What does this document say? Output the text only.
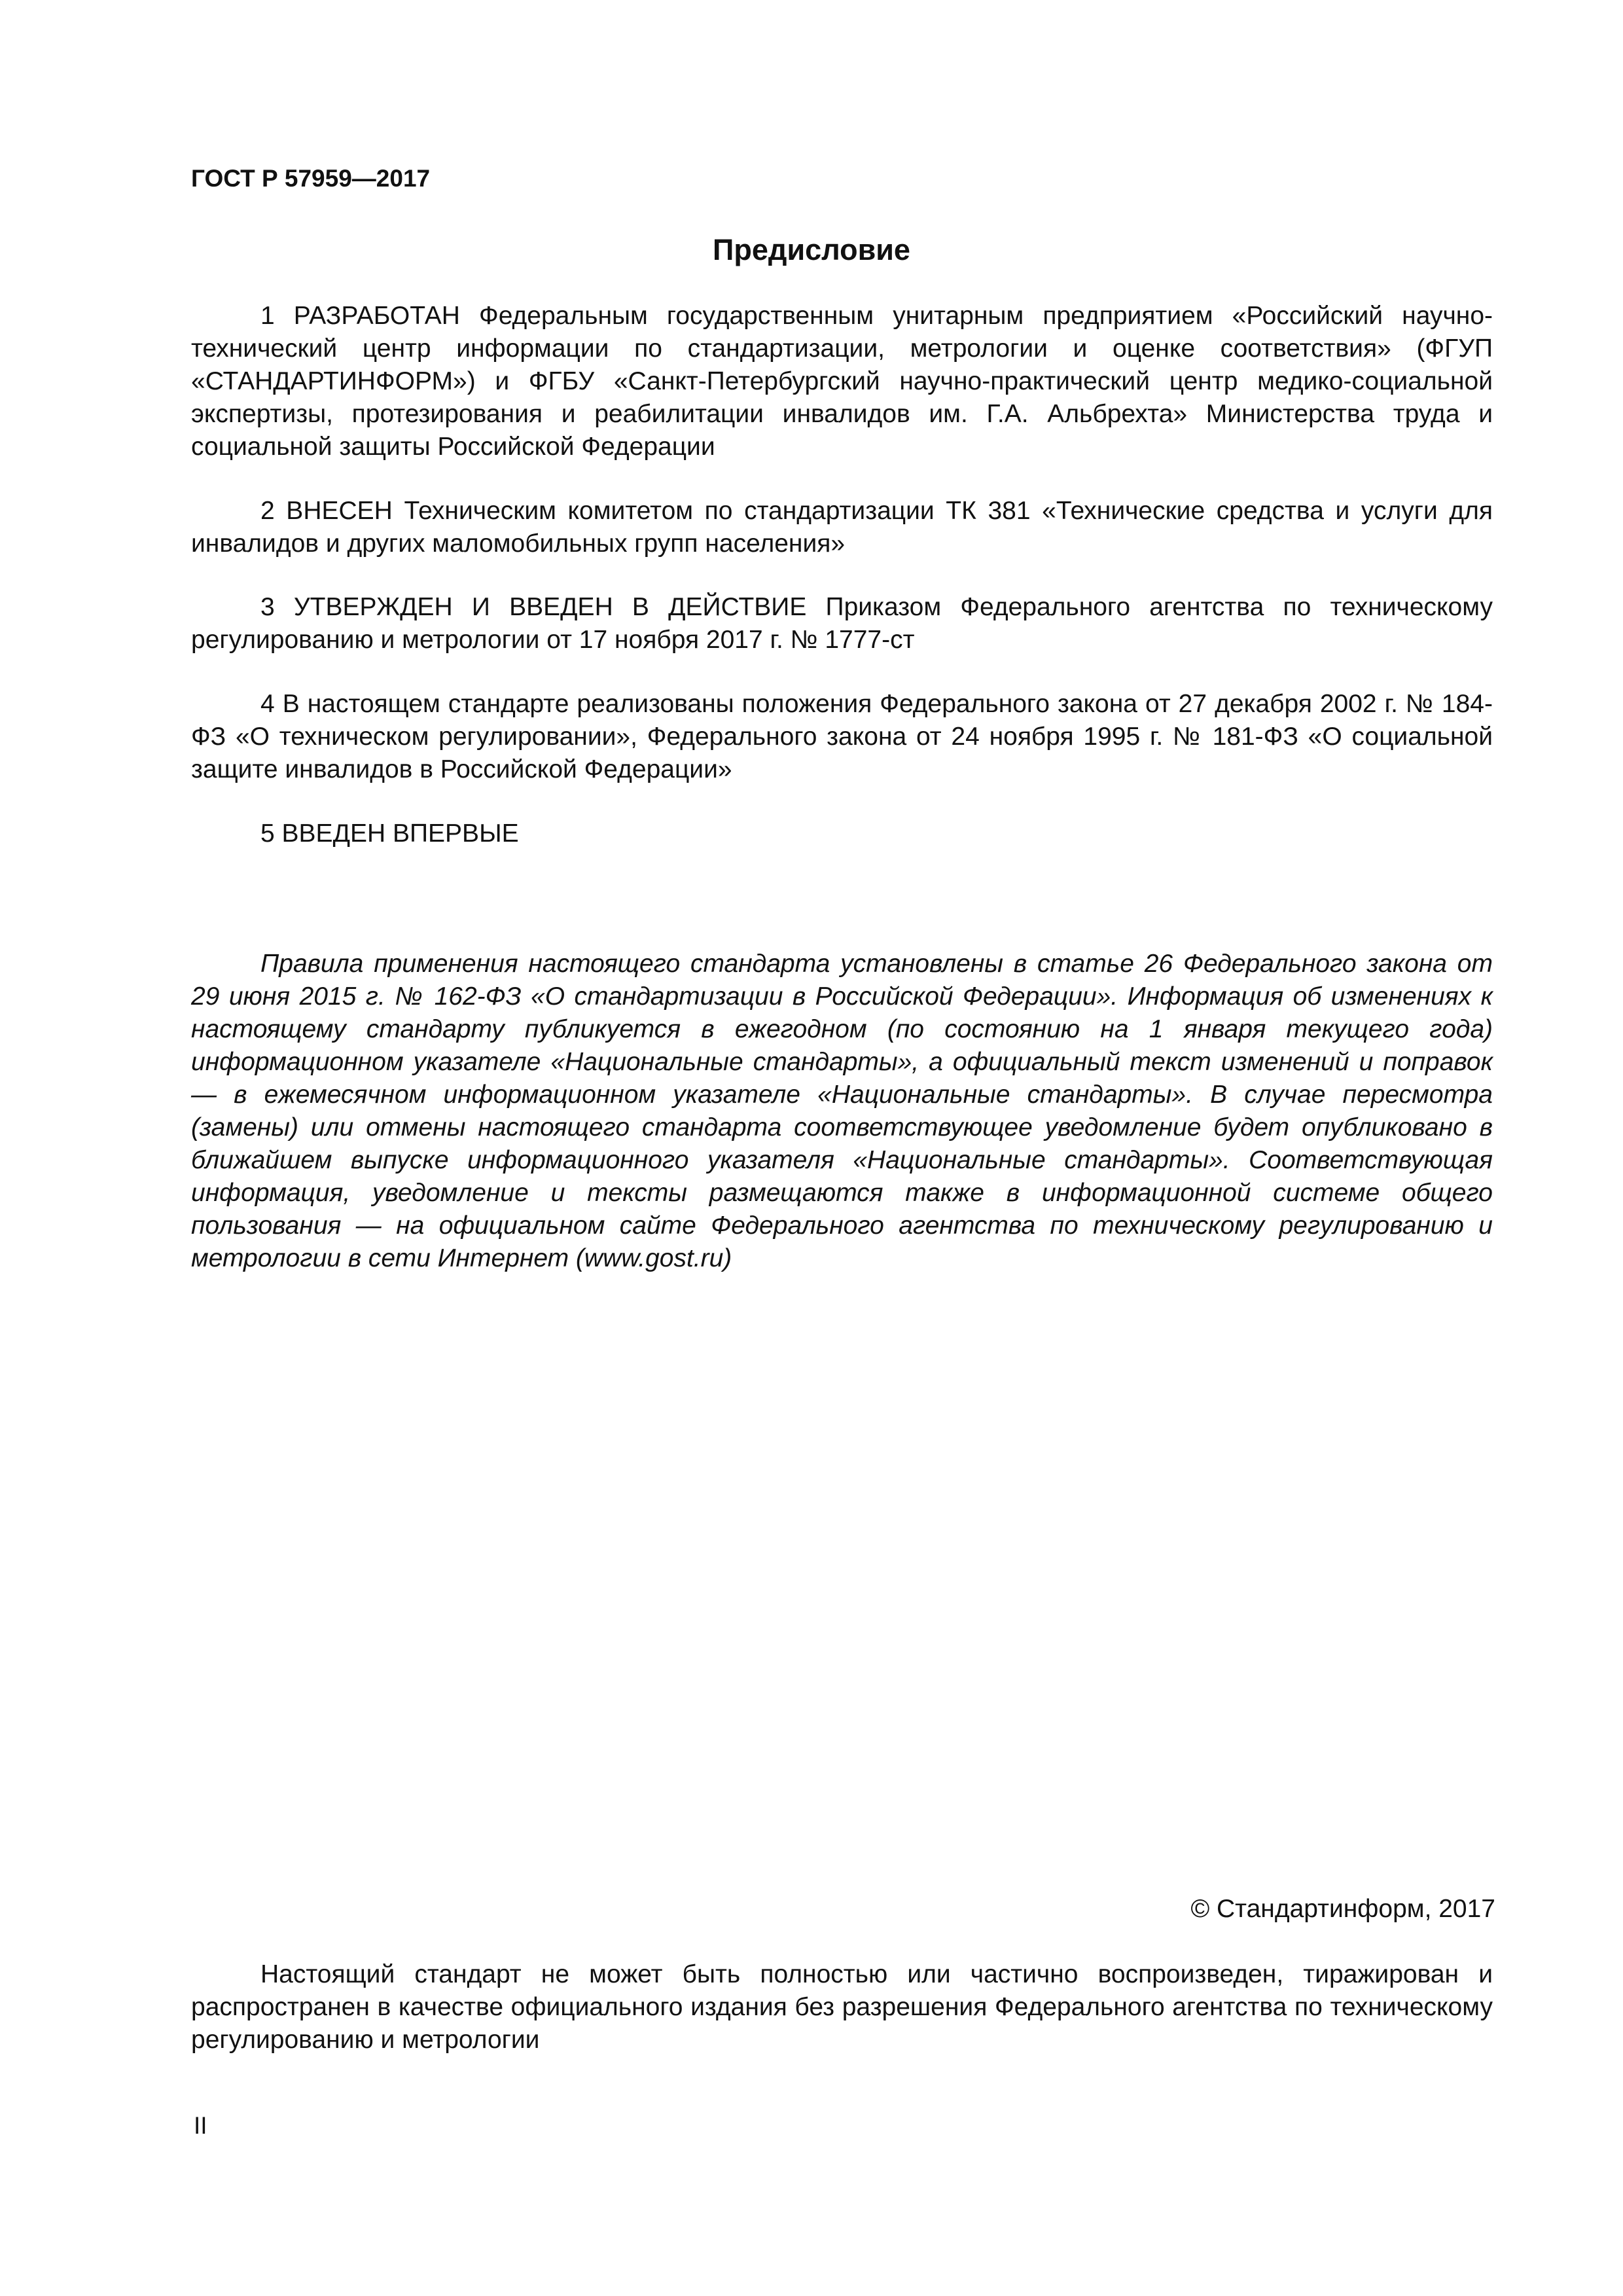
ГОСТ Р 57959—2017

Предисловие

1 РАЗРАБОТАН Федеральным государственным унитарным предприятием «Российский научно-технический центр информации по стандартизации, метрологии и оценке соответствия» (ФГУП «СТАНДАРТИНФОРМ») и ФГБУ «Санкт-Петербургский научно-практический центр медико-социальной экспертизы, протезирования и реабилитации инвалидов им. Г.А. Альбрехта» Министерства труда и социальной защиты Российской Федерации

2 ВНЕСЕН Техническим комитетом по стандартизации ТК 381 «Технические средства и услуги для инвалидов и других маломобильных групп населения»

3 УТВЕРЖДЕН И ВВЕДЕН В ДЕЙСТВИЕ Приказом Федерального агентства по техническому регулированию и метрологии от 17 ноября 2017 г. № 1777-ст

4 В настоящем стандарте реализованы положения Федерального закона от 27 декабря 2002 г. № 184-ФЗ «О техническом регулировании», Федерального закона от 24 ноября 1995 г. № 181-ФЗ «О социальной защите инвалидов в Российской Федерации»

5 ВВЕДЕН ВПЕРВЫЕ

Правила применения настоящего стандарта установлены в статье 26 Федерального закона от 29 июня 2015 г. № 162-ФЗ «О стандартизации в Российской Федерации». Информация об изменениях к настоящему стандарту публикуется в ежегодном (по состоянию на 1 января текущего года) информационном указателе «Национальные стандарты», а официальный текст изменений и поправок — в ежемесячном информационном указателе «Национальные стандарты». В случае пересмотра (замены) или отмены настоящего стандарта соответствующее уведомление будет опубликовано в ближайшем выпуске информационного указателя «Национальные стандарты». Соответствующая информация, уведомление и тексты размещаются также в информационной системе общего пользования — на официальном сайте Федерального агентства по техническому регулированию и метрологии в сети Интернет (www.gost.ru)

© Стандартинформ, 2017

Настоящий стандарт не может быть полностью или частично воспроизведен, тиражирован и распространен в качестве официального издания без разрешения Федерального агентства по техническому регулированию и метрологии

II
